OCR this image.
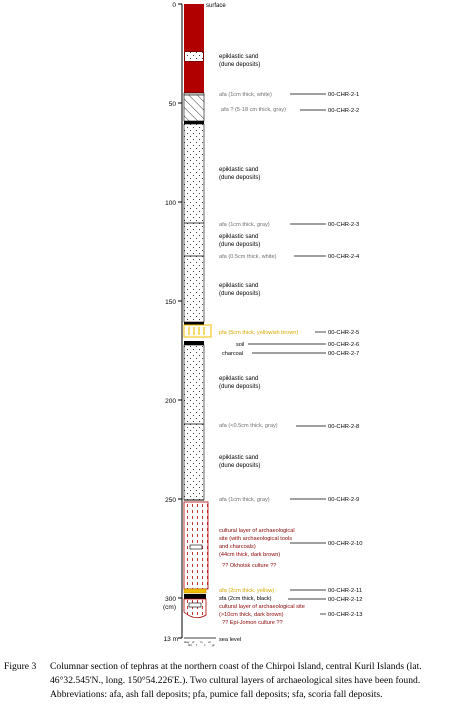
0
50
100
150
200
250
300
(cm)
13 m clay
silt
vf
f
m
c
vc
gr
surface
epiklastic sand
(dune deposits)
afa (1cm thick, white)
afa ? (5-18 cm thick, gray)
epiklastic sand
(dune deposits)
afa (1cm thick, gray)
epiklastic sand
(dune deposits)
afa (0.5cm thick, white)
epiklastic sand
(dune deposits)
pfa (5cm thick, yellowish brown)
soil
charcoal
epiklastic sand
(dune deposits)
afa (<0.5cm thick, gray)
epiklastic sand
(dune deposits)
afa (1cm thick, gray)
cultural layer of archaeological
site (with archaeological tools
and charcoals)
(44cm thick, dark brown)
?? Okhotsk culture ??
afa (2cm thick, yellow)
sfa (2cm thick, black)
cultural layer of archaeological site
(>10cm thick, dark brown)
?? Epi-Jomon culture ??
sea level
00-CHR-2-1
00-CHR-2-2
00-CHR-2-3
00-CHR-2-4
00-CHR-2-5
00-CHR-2-6
00-CHR-2-7
00-CHR-2-8
00-CHR-2-9
00-CHR-2-10
00-CHR-2-11
00-CHR-2-12
00-CHR-2-13
Figure 3 Columnar section of tephras at the northern coast of the Chirpoi Island, central Kuril Islands (lat.
46°32.545'N., long. 150°54.226'E.). Two cultural layers of archaeological sites have been found.
Abbreviations: afa, ash fall deposits; pfa, pumice fall deposits; sfa, scoria fall deposits.
